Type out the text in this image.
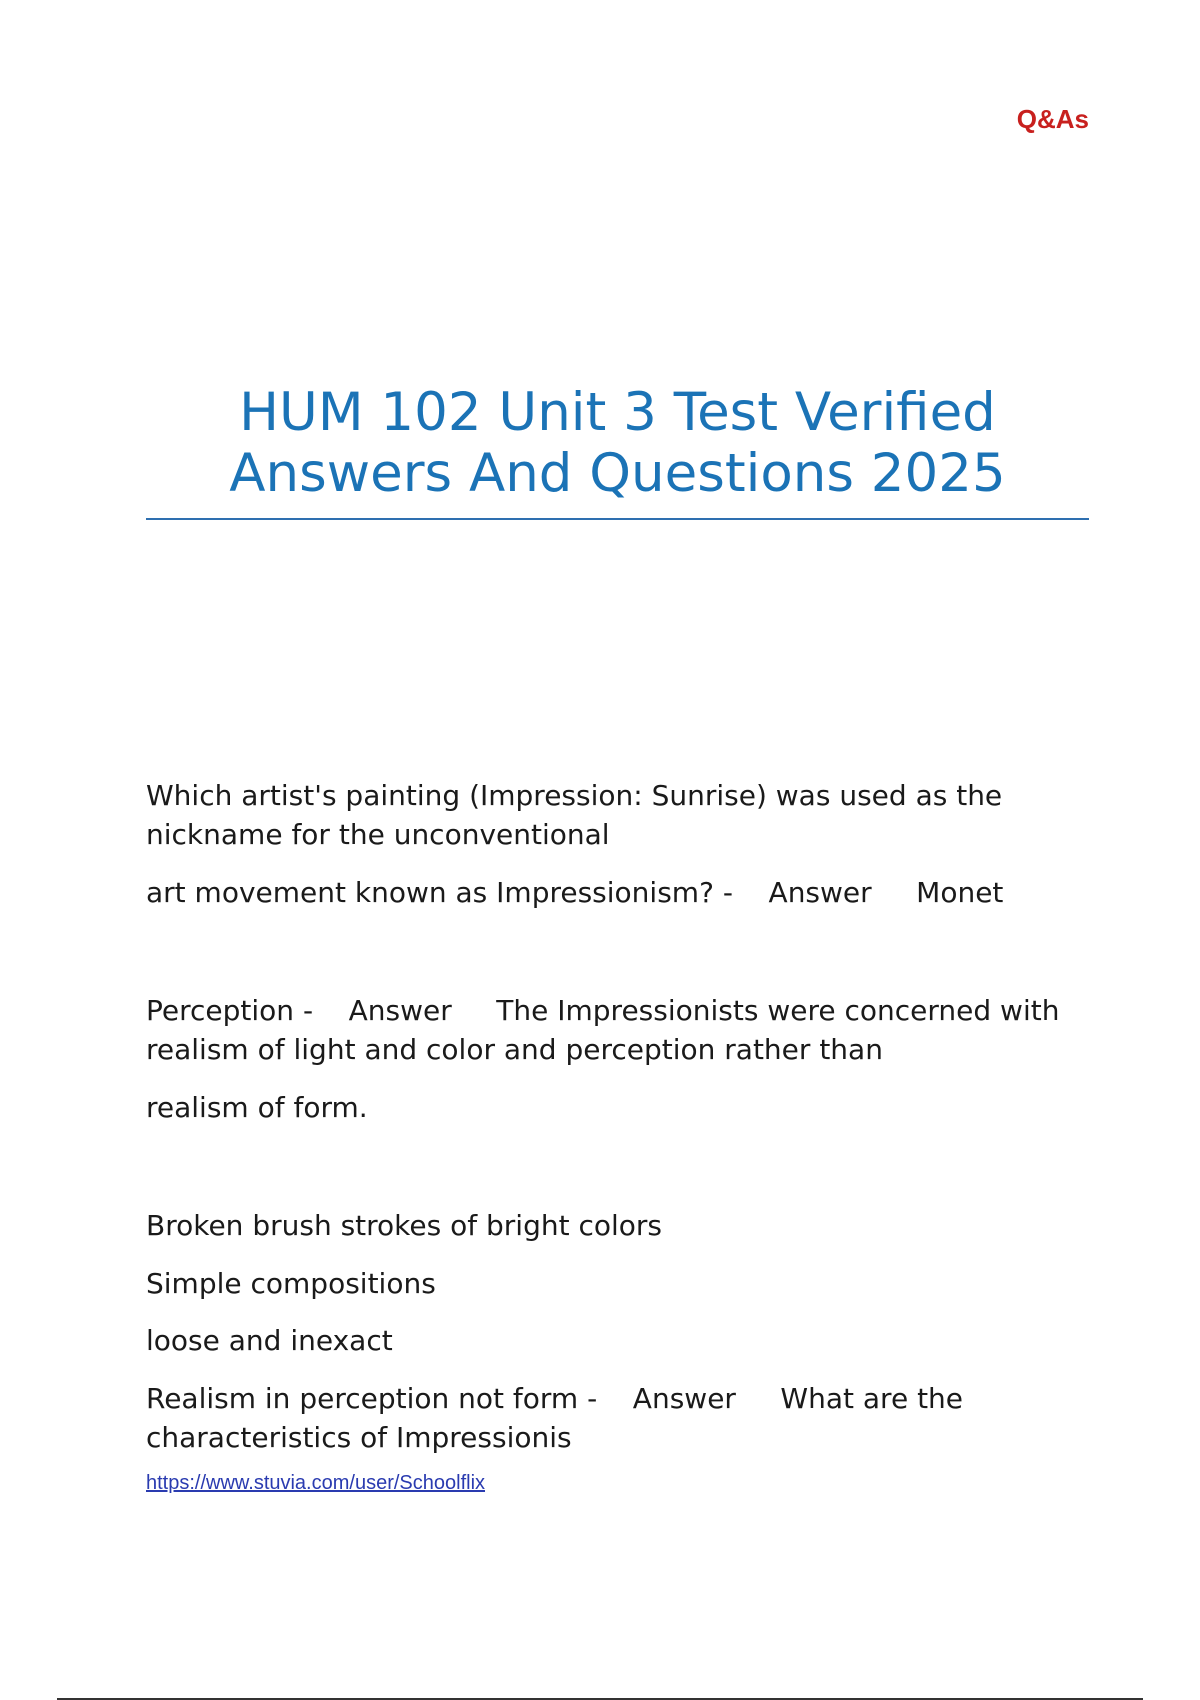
Q&As
HUM 102 Unit 3 Test Verified
Answers And Questions 2025

Which artist's painting (Impression: Sunrise) was used as the

nickname for the unconventional

art movement known as Impressionism? -    Answer     Monet

Perception -    Answer     The Impressionists were concerned with

realism of light and color and perception rather than

realism of form.

Broken brush strokes of bright colors

Simple compositions

loose and inexact

Realism in perception not form -    Answer     What are the

characteristics of Impressionis

https://www.stuvia.com/user/Schoolflix
